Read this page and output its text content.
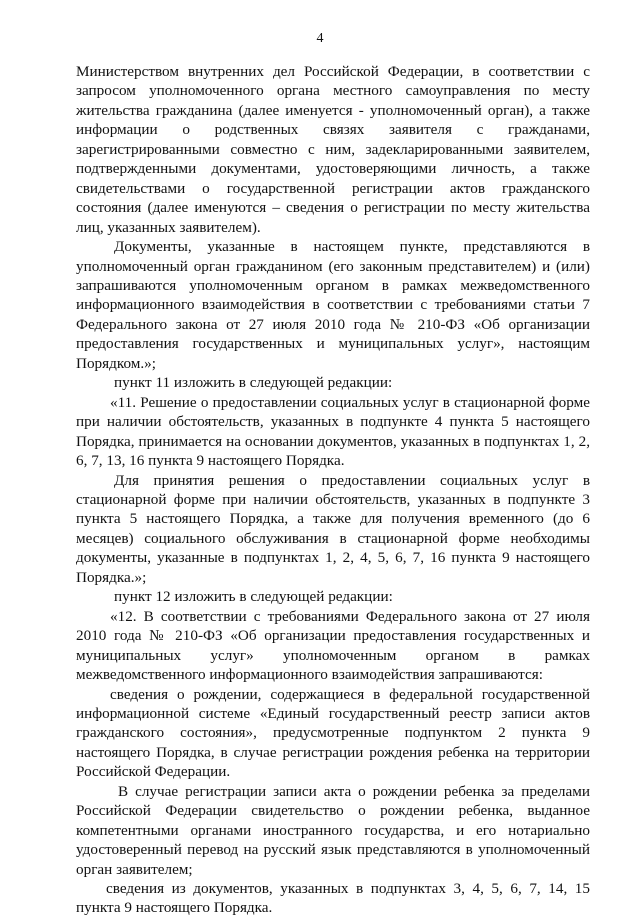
4

Министерством внутренних дел Российской Федерации, в соответствии с запросом уполномоченного органа местного самоуправления по месту жительства гражданина (далее именуется - уполномоченный орган), а также информации о родственных связях заявителя с гражданами, зарегистрированными совместно с ним, задекларированными заявителем, подтвержденными документами, удостоверяющими личность, а также свидетельствами о государственной регистрации актов гражданского состояния (далее именуются – сведения о регистрации по месту жительства лиц, указанных заявителем).

Документы, указанные в настоящем пункте, представляются в уполномоченный орган гражданином (его законным представителем) и (или) запрашиваются уполномоченным органом в рамках межведомственного информационного взаимодействия в соответствии с требованиями статьи 7 Федерального закона от 27 июля 2010 года № 210-ФЗ «Об организации предоставления государственных и муниципальных услуг», настоящим Порядком.»;

пункт 11 изложить в следующей редакции:

«11. Решение о предоставлении социальных услуг в стационарной форме при наличии обстоятельств, указанных в подпункте 4 пункта 5 настоящего Порядка, принимается на основании документов, указанных в подпунктах 1, 2, 6, 7, 13, 16 пункта 9 настоящего Порядка.

Для принятия решения о предоставлении социальных услуг в стационарной форме при наличии обстоятельств, указанных в подпункте 3 пункта 5 настоящего Порядка, а также для получения временного (до 6 месяцев) социального обслуживания в стационарной форме необходимы документы, указанные в подпунктах 1, 2, 4, 5, 6, 7, 16 пункта 9 настоящего Порядка.»;

пункт 12 изложить в следующей редакции:

«12. В соответствии с требованиями Федерального закона от 27 июля 2010 года № 210-ФЗ «Об организации предоставления государственных и муниципальных услуг» уполномоченным органом в рамках межведомственного информационного взаимодействия запрашиваются:

сведения о рождении, содержащиеся в федеральной государственной информационной системе «Единый государственный реестр записи актов гражданского состояния», предусмотренные подпунктом 2 пункта 9 настоящего Порядка, в случае регистрации рождения ребенка на территории Российской Федерации.

В случае регистрации записи акта о рождении ребенка за пределами Российской Федерации свидетельство о рождении ребенка, выданное компетентными органами иностранного государства, и его нотариально удостоверенный перевод на русский язык представляются в уполномоченный орган заявителем;

сведения из документов, указанных в подпунктах 3, 4, 5, 6, 7, 14, 15 пункта 9 настоящего Порядка.
